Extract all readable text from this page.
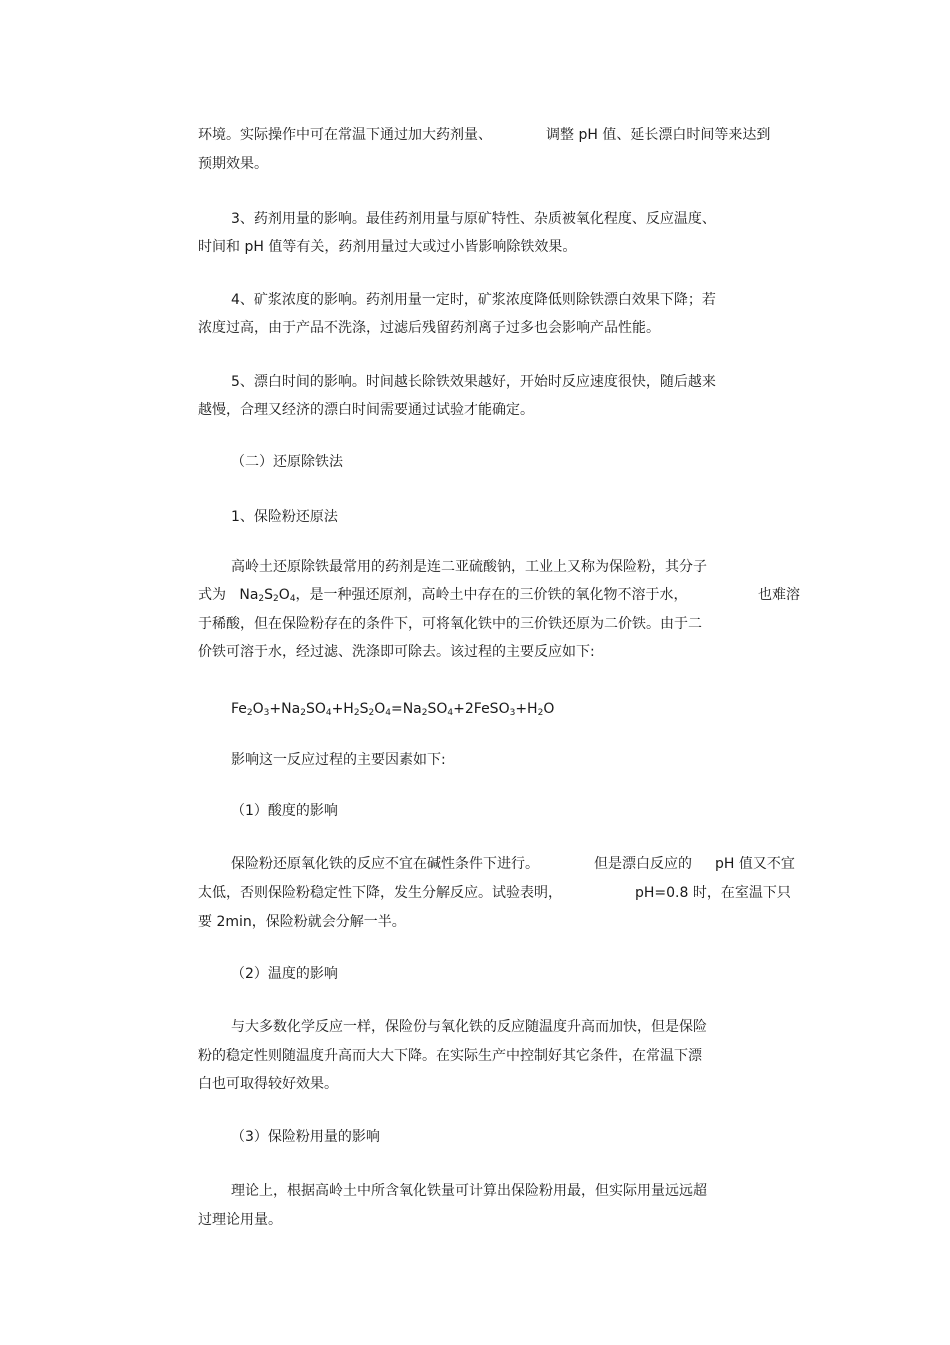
环境。实际操作中可在常温下通过加大药剂量、	调整 pH 值、延长漂白时间等来达到
预期效果。
3、药剂用量的影响。最佳药剂用量与原矿特性、杂质被氧化程度、反应温度、
时间和 pH 值等有关，药剂用量过大或过小皆影响除铁效果。
4、矿浆浓度的影响。药剂用量一定时，矿浆浓度降低则除铁漂白效果下降；若
浓度过高，由于产品不洗涤，过滤后残留药剂离子过多也会影响产品性能。
5、漂白时间的影响。时间越长除铁效果越好，开始时反应速度很快，随后越来
越慢，合理又经济的漂白时间需要通过试验才能确定。
（二）还原除铁法
1、保险粉还原法
高岭土还原除铁最常用的药剂是连二亚硫酸钠，工业上又称为保险粉，其分子
式为 $Na_2S_2O_4$，是一种强还原剂，高岭土中存在的三价铁的氧化物不溶于水，	也难溶
于稀酸，但在保险粉存在的条件下，可将氧化铁中的三价铁还原为二价铁。由于二
价铁可溶于水，经过滤、洗涤即可除去。该过程的主要反应如下:
$Fe_2O_3+Na_2SO_4+H_2S_2O_4=Na_2SO_4+2FeSO_3+H_2O$
影响这一反应过程的主要因素如下:
（1）酸度的影响
保险粉还原氧化铁的反应不宜在碱性条件下进行。	但是漂白反应的 pH 值又不宜
太低，否则保险粉稳定性下降，发生分解反应。试验表明，	pH=0.8 时，在室温下只
要 2min，保险粉就会分解一半。
（2）温度的影响
与大多数化学反应一样，保险份与氧化铁的反应随温度升高而加快，但是保险
粉的稳定性则随温度升高而大大下降。在实际生产中控制好其它条件，在常温下漂
白也可取得较好效果。
（3）保险粉用量的影响
理论上，根据高岭土中所含氧化铁量可计算出保险粉用最，但实际用量远远超
过理论用量。
